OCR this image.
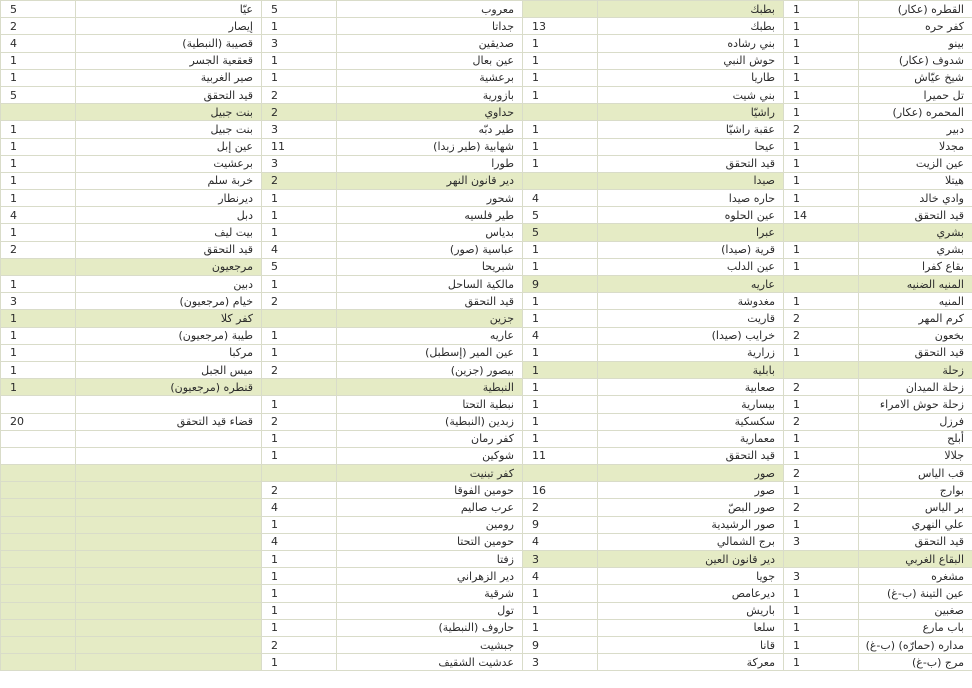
5	عيّا	5	معروب		بطبك	1	القطره (عكار)
2	إيصار	1	جداتا	13	بطبك	1	كفر حره
4	قصيبة (النبطية)	3	صديقين	1	بني رشاده	1	بينو
1	قعقعية الجسر	1	عين بعال	1	حوش النبي	1	شدوف (عكار)
1	صير الغربية	1	برعشية	1	طاريا	1	شيخ عيّاش
5	قيد التحقق	2	بازورية	1	بني شيت	1	تل حميرا
	بنت جبيل	2	حداوي		راشيّا	1	المحمره (عكار)
1	بنت جبيل	3	طير دبّه	1	عقبة راشيّا	2	دبير
1	عين إبل	11	شهابية (طير زبدا)	1	عيحا	1	مجدلا
1	برعشيت	3	طورا	1	قيد التحقق	1	عين الزيت
1	خربة سلم	2	دير قانون النهر		صيدا	1	هيتلا
1	ديرنطار	1	شحور	4	حاره صيدا	1	وادي خالد
4	دبل	1	طير فلسيه	5	عين الحلوه	14	قيد التحقق
1	بيت ليف	1	بدياس	5	عبرا		بشري
2	قيد التحقق	4	عباسية (صور)	1	قرية (صيدا)	1	بشري
	مرجعيون	5	شبريحا	1	عين الدلب	1	بقاع كفرا
1	دبين	1	مالكية الساحل	9	عاريه		المنيه الضنيه
3	خيام (مرجعيون)	2	قيد التحقق	1	مغدوشة	1	المنيه
1	كفر كلا		جزين	1	قاريت	2	كرم المهر
1	طيبة (مرجعيون)	1	عاريه	4	خرايب (صيدا)	2	بخعون
1	مركبا	1	عين المير (إسطبل)	1	زرارية	1	قيد التحقق
1	ميس الجبل	2	بيصور (جزين)	1	بابلية		زحلة
1	قنطره (مرجعيون)		النبطية	1	صعابية	2	زحلة الميدان
		1	نبطية التحتا	1	بيسارية	1	زحلة حوش الامراء
20	قضاء قيد التحقق	2	زبدين (النبطية)	1	سكسكية	2	فرزل
		1	كفر رمان	1	معمارية	1	أبلح
		1	شوكين	11	قيد التحقق	1	جلالا
			كفر تبنيت		صور	2	قب الياس
		2	حومين الفوقا	16	صور	1	بوارج
		4	عرب صاليم	2	صور البصّ	2	بر الياس
		1	رومين	9	صور الرشيدية	1	علي النهري
		4	حومين التحتا	4	برج الشمالي	3	قيد التحقق
		1	زفتا	3	دير قانون العين		البقاع الغربي
		1	دير الزهراني	4	جويا	3	مشغره
		1	شرقية	1	ديرعامص	1	عين التينة (ب-غ)
		1	تول	1	باريش	1	صغبين
		1	حاروف (النبطية)	1	سلعا	1	باب مارع
		2	جبشيت	9	قانا	1	مداره (حمارّه) (ب-غ)
		1	عدشيت الشقيف	3	معركة	1	مرج (ب-غ)
